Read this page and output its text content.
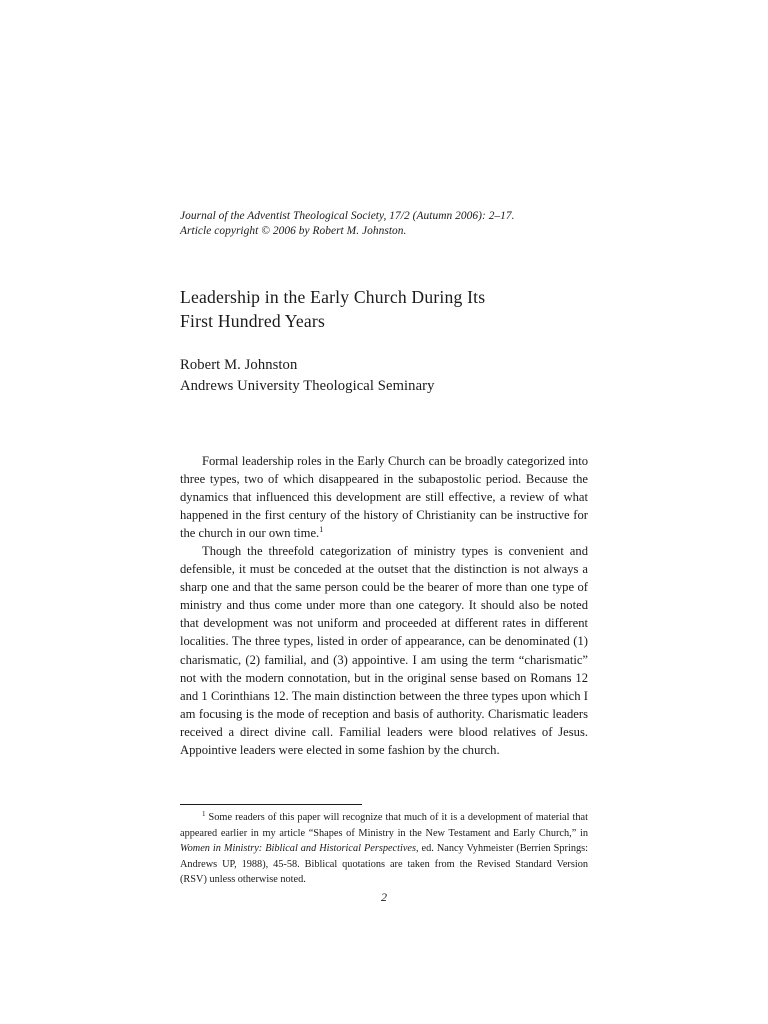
Journal of the Adventist Theological Society, 17/2 (Autumn 2006): 2–17.
Article copyright © 2006 by Robert M. Johnston.
Leadership in the Early Church During Its
First Hundred Years
Robert M. Johnston
Andrews University Theological Seminary

Formal leadership roles in the Early Church can be broadly categorized into three types, two of which disappeared in the subapostolic period. Because the dynamics that influenced this development are still effective, a review of what happened in the first century of the history of Christianity can be instructive for the church in our own time.$^1$

Though the threefold categorization of ministry types is convenient and defensible, it must be conceded at the outset that the distinction is not always a sharp one and that the same person could be the bearer of more than one type of ministry and thus come under more than one category. It should also be noted that development was not uniform and proceeded at different rates in different localities. The three types, listed in order of appearance, can be denominated (1) charismatic, (2) familial, and (3) appointive. I am using the term “charismatic” not with the modern connotation, but in the original sense based on Romans 12 and 1 Corinthians 12. The main distinction between the three types upon which I am focusing is the mode of reception and basis of authority. Charismatic leaders received a direct divine call. Familial leaders were blood relatives of Jesus. Appointive leaders were elected in some fashion by the church.

$^1$ Some readers of this paper will recognize that much of it is a development of material that appeared earlier in my article “Shapes of Ministry in the New Testament and Early Church,” in Women in Ministry: Biblical and Historical Perspectives, ed. Nancy Vyhmeister (Berrien Springs: Andrews UP, 1988), 45-58. Biblical quotations are taken from the Revised Standard Version (RSV) unless otherwise noted.
2
